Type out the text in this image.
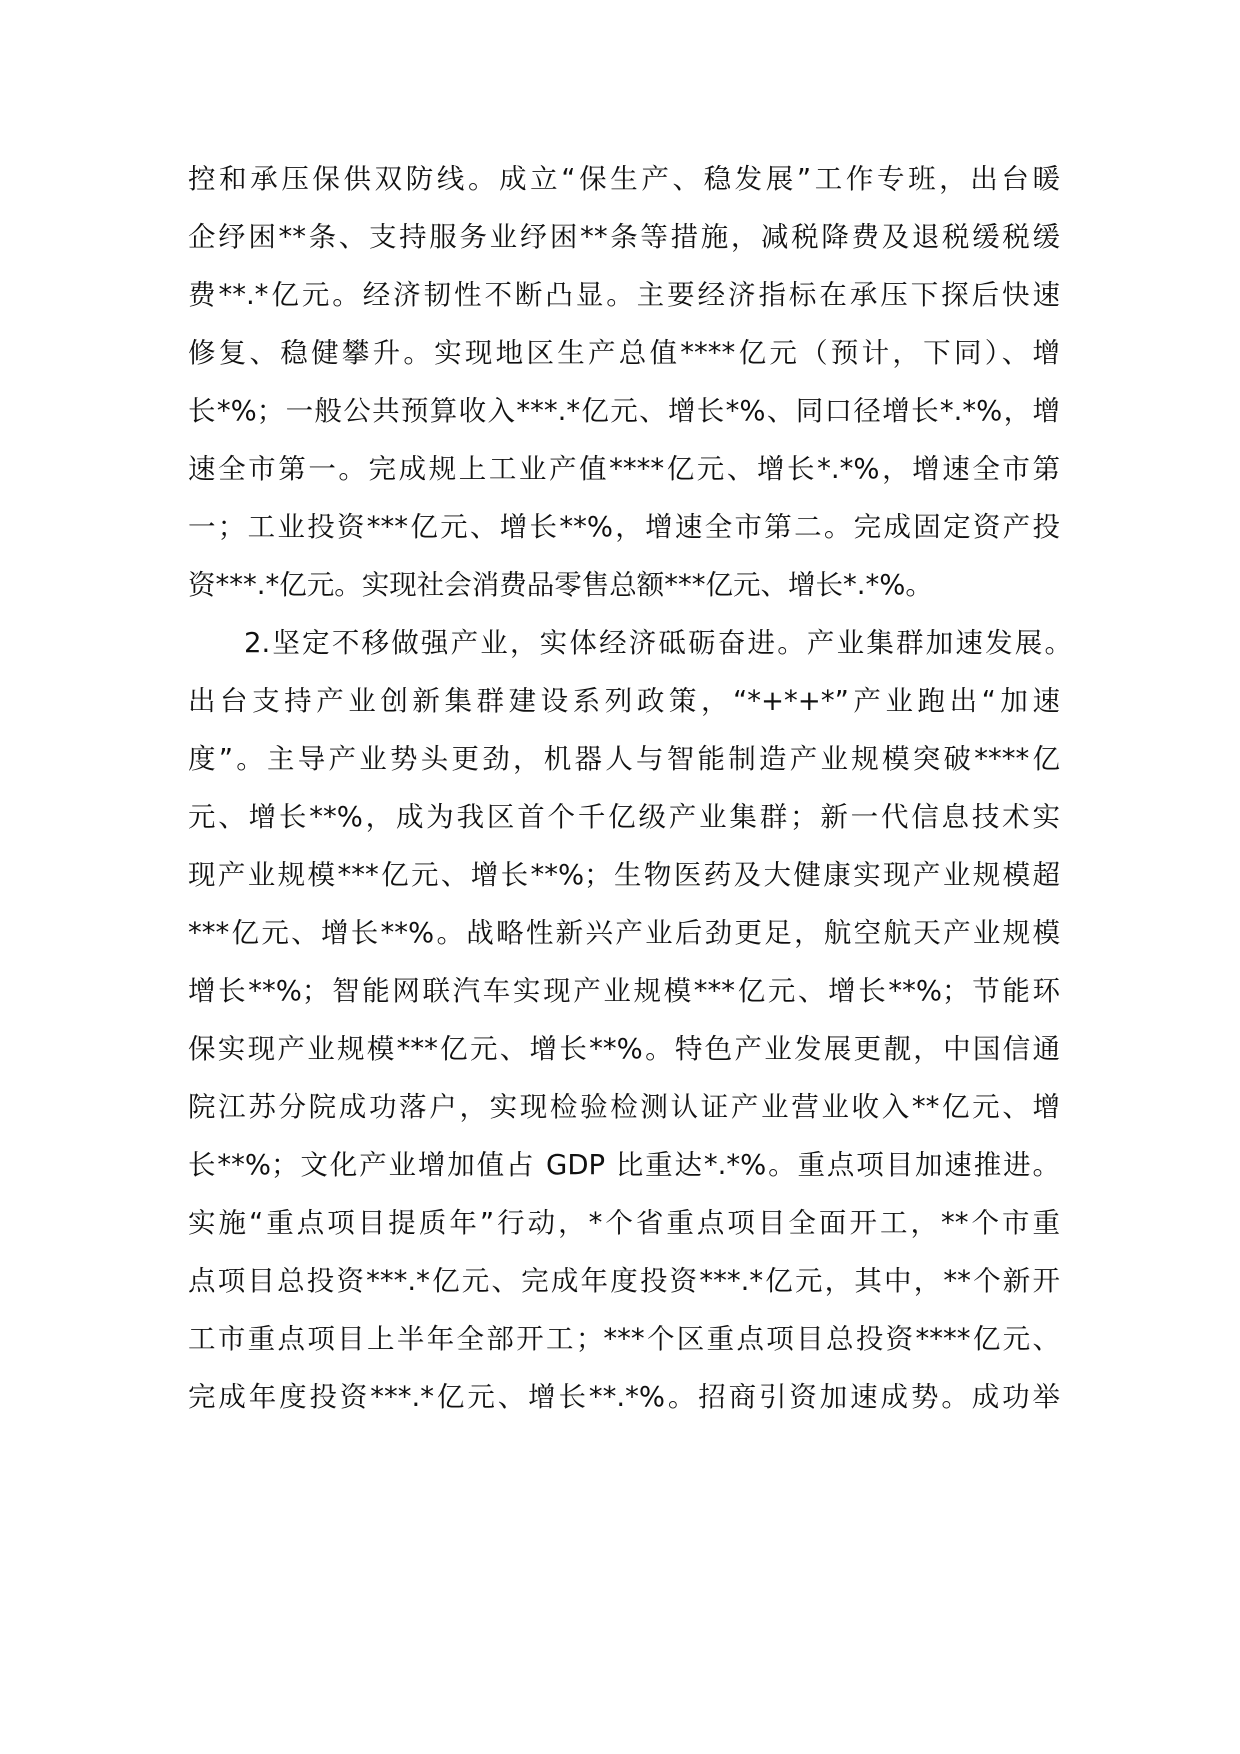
控和承压保供双防线。成立“保生产、稳发展”工作专班，出台暖
企纾困**条、支持服务业纾困**条等措施，减税降费及退税缓税缓
费**.*亿元。经济韧性不断凸显。主要经济指标在承压下探后快速
修复、稳健攀升。实现地区生产总值****亿元（预计，下同）、增
长*%；一般公共预算收入***.*亿元、增长*%、同口径增长*.*%，增
速全市第一。完成规上工业产值****亿元、增长*.*%，增速全市第
一；工业投资***亿元、增长**%，增速全市第二。完成固定资产投
资***.*亿元。实现社会消费品零售总额***亿元、增长*.*%。
2.坚定不移做强产业，实体经济砥砺奋进。产业集群加速发展。
出台支持产业创新集群建设系列政策，“*+*+*”产业跑出“加速
度”。主导产业势头更劲，机器人与智能制造产业规模突破****亿
元、增长**%，成为我区首个千亿级产业集群；新一代信息技术实
现产业规模***亿元、增长**%；生物医药及大健康实现产业规模超
***亿元、增长**%。战略性新兴产业后劲更足，航空航天产业规模
增长**%；智能网联汽车实现产业规模***亿元、增长**%；节能环
保实现产业规模***亿元、增长**%。特色产业发展更靓，中国信通
院江苏分院成功落户，实现检验检测认证产业营业收入**亿元、增
长**%；文化产业增加值占 GDP 比重达*.*%。重点项目加速推进。
实施“重点项目提质年”行动，*个省重点项目全面开工，**个市重
点项目总投资***.*亿元、完成年度投资***.*亿元，其中，**个新开
工市重点项目上半年全部开工；***个区重点项目总投资****亿元、
完成年度投资***.*亿元、增长**.*%。招商引资加速成势。成功举
